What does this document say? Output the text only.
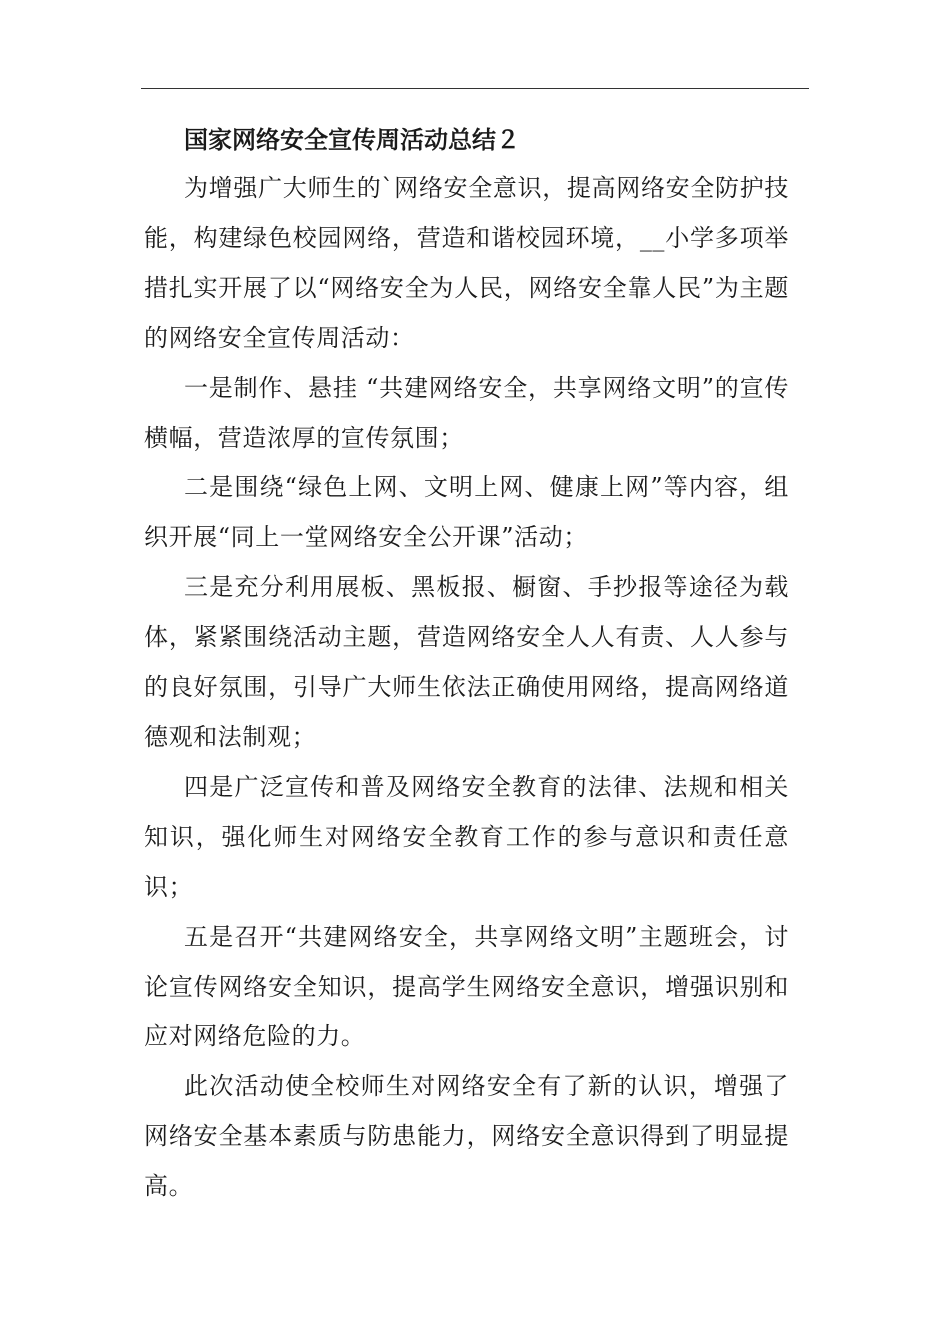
国家网络安全宣传周活动总结２

为增强广大师生的`网络安全意识，提高网络安全防护技能，构建绿色校园网络，营造和谐校园环境，__小学多项举措扎实开展了以“网络安全为人民，网络安全靠人民”为主题的网络安全宣传周活动：

一是制作、悬挂 “共建网络安全，共享网络文明”的宣传横幅，营造浓厚的宣传氛围；

二是围绕“绿色上网、文明上网、健康上网”等内容，组织开展“同上一堂网络安全公开课”活动；

三是充分利用展板、黑板报、橱窗、手抄报等途径为载体，紧紧围绕活动主题，营造网络安全人人有责、人人参与的良好氛围，引导广大师生依法正确使用网络，提高网络道德观和法制观；

四是广泛宣传和普及网络安全教育的法律、法规和相关知识，强化师生对网络安全教育工作的参与意识和责任意识；

五是召开“共建网络安全，共享网络文明”主题班会，讨论宣传网络安全知识，提高学生网络安全意识，增强识别和应对网络危险的力。

此次活动使全校师生对网络安全有了新的认识，增强了网络安全基本素质与防患能力，网络安全意识得到了明显提高。
